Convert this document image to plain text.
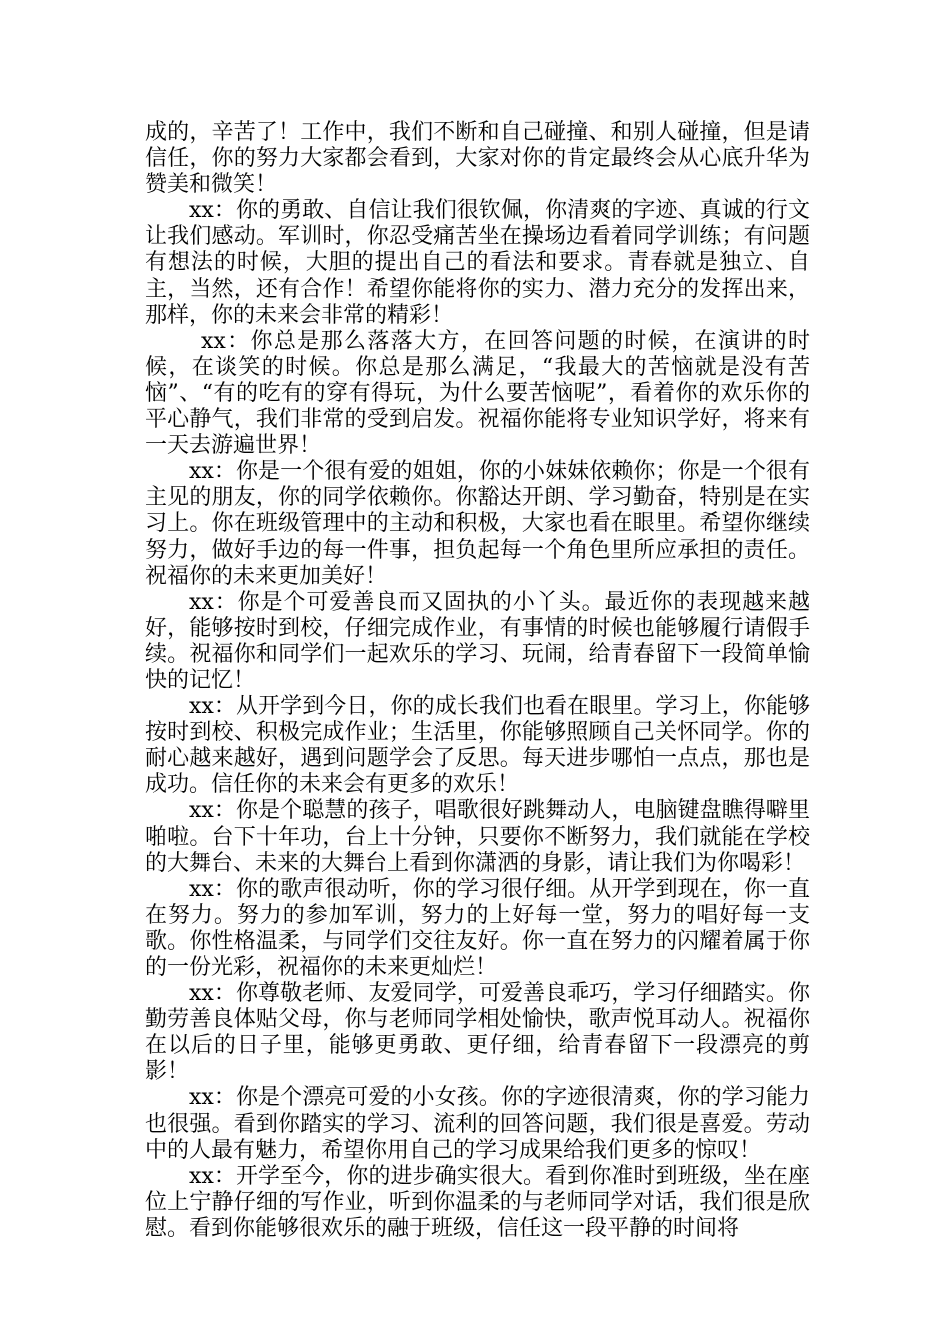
成的，辛苦了！工作中，我们不断和自己碰撞、和别人碰撞，但是请信任，你的努力大家都会看到，大家对你的肯定最终会从心底升华为赞美和微笑！

xx：你的勇敢、自信让我们很钦佩，你清爽的字迹、真诚的行文让我们感动。军训时，你忍受痛苦坐在操场边看着同学训练；有问题有想法的时候，大胆的提出自己的看法和要求。青春就是独立、自主，当然，还有合作！希望你能将你的实力、潜力充分的发挥出来，那样，你的未来会非常的精彩！

xx：你总是那么落落大方，在回答问题的时候，在演讲的时候，在谈笑的时候。你总是那么满足，“我最大的苦恼就是没有苦恼”、“有的吃有的穿有得玩，为什么要苦恼呢”，看着你的欢乐你的平心静气，我们非常的受到启发。祝福你能将专业知识学好，将来有一天去游遍世界！

xx：你是一个很有爱的姐姐，你的小妹妹依赖你；你是一个很有主见的朋友，你的同学依赖你。你豁达开朗、学习勤奋，特别是在实习上。你在班级管理中的主动和积极，大家也看在眼里。希望你继续努力，做好手边的每一件事，担负起每一个角色里所应承担的责任。祝福你的未来更加美好！

xx：你是个可爱善良而又固执的小丫头。最近你的表现越来越好，能够按时到校，仔细完成作业，有事情的时候也能够履行请假手续。祝福你和同学们一起欢乐的学习、玩闹，给青春留下一段简单愉快的记忆！

xx：从开学到今日，你的成长我们也看在眼里。学习上，你能够按时到校、积极完成作业；生活里，你能够照顾自己关怀同学。你的耐心越来越好，遇到问题学会了反思。每天进步哪怕一点点，那也是成功。信任你的未来会有更多的欢乐！

xx：你是个聪慧的孩子，唱歌很好跳舞动人，电脑键盘瞧得噼里啪啦。台下十年功，台上十分钟，只要你不断努力，我们就能在学校的大舞台、未来的大舞台上看到你潇洒的身影，请让我们为你喝彩！

xx：你的歌声很动听，你的学习很仔细。从开学到现在，你一直在努力。努力的参加军训，努力的上好每一堂，努力的唱好每一支歌。你性格温柔，与同学们交往友好。你一直在努力的闪耀着属于你的一份光彩，祝福你的未来更灿烂！

xx：你尊敬老师、友爱同学，可爱善良乖巧，学习仔细踏实。你勤劳善良体贴父母，你与老师同学相处愉快，歌声悦耳动人。祝福你在以后的日子里，能够更勇敢、更仔细，给青春留下一段漂亮的剪影！

xx：你是个漂亮可爱的小女孩。你的字迹很清爽，你的学习能力也很强。看到你踏实的学习、流利的回答问题，我们很是喜爱。劳动中的人最有魅力，希望你用自己的学习成果给我们更多的惊叹！

xx：开学至今，你的进步确实很大。看到你准时到班级，坐在座位上宁静仔细的写作业，听到你温柔的与老师同学对话，我们很是欣慰。看到你能够很欢乐的融于班级，信任这一段平静的时间将
